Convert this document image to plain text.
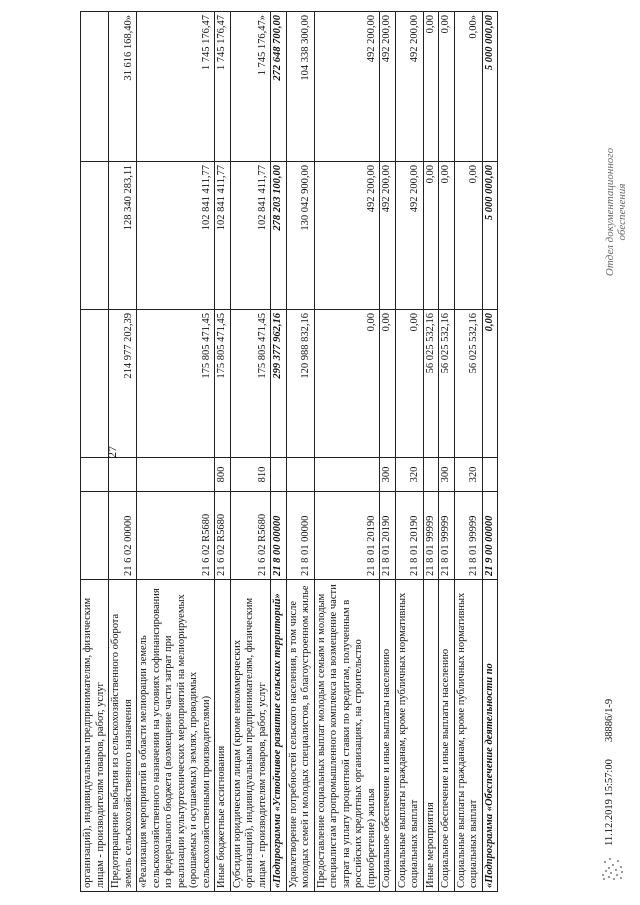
27
организаций), индивидуальным предпринимателям, физическим лицам - производителям товаров, работ, услуг					
Предотвращение выбытия из сельскохозяйственного оборота земель сельскохозяйственного назначения	21 6 02 00000		214 977 202,39	128 340 283,11	31 616 168,40»
«Реализация мероприятий в области мелиорации земель сельскохозяйственного назначения на условиях софинансирования из федерального бюджета (возмещение части затрат при реализации культуртехнических мероприятий на мелиорируемых (орошаемых и осушаемых) землях, проводимых сельскохозяйственными производителями)	21 6 02 R5680		175 805 471,45	102 841 411,77	1 745 176,47
Иные бюджетные ассигнования	21 6 02 R5680	800	175 805 471,45	102 841 411,77	1 745 176,47
Субсидии юридическим лицам (кроме некоммерческих организаций), индивидуальным предпринимателям, физическим лицам - производителям товаров, работ, услуг	21 6 02 R5680	810	175 805 471,45	102 841 411,77	1 745 176,47»
«Подпрограмма «Устойчивое развитие сельских территорий»	21 8 00 00000		299 377 962,16	278 203 100,00	272 648 700,00
Удовлетворение потребностей сельского населения, в том числе молодых семей и молодых специалистов, в благоустроенном жилье	21 8 01 00000		120 988 832,16	130 042 900,00	104 338 300,00
Предоставление социальных выплат молодым семьям и молодым специалистам агропромышленного комплекса на возмещение части затрат на уплату процентной ставки по кредитам, полученным в российских кредитных организациях, на строительство (приобретение) жилья	21 8 01 20190		0,00	492 200,00	492 200,00
Социальное обеспечение и иные выплаты населению	21 8 01 20190	300	0,00	492 200,00	492 200,00
Социальные выплаты гражданам, кроме публичных нормативных социальных выплат	21 8 01 20190	320	0,00	492 200,00	492 200,00
Иные мероприятия	21 8 01 99999		56 025 532,16	0,00	0,00
Социальное обеспечение и иные выплаты населению	21 8 01 99999	300	56 025 532,16	0,00	0,00
Социальные выплаты гражданам, кроме публичных нормативных социальных выплат	21 8 01 99999	320	56 025 532,16	0,00	0,00»
«Подпрограмма «Обеспечение деятельности по	21 9 00 00000		0,00	5 000 000,00	5 000 000,00
11.12.2019 15:57:00
38886/1-9
Отдел документационного обеспечения
